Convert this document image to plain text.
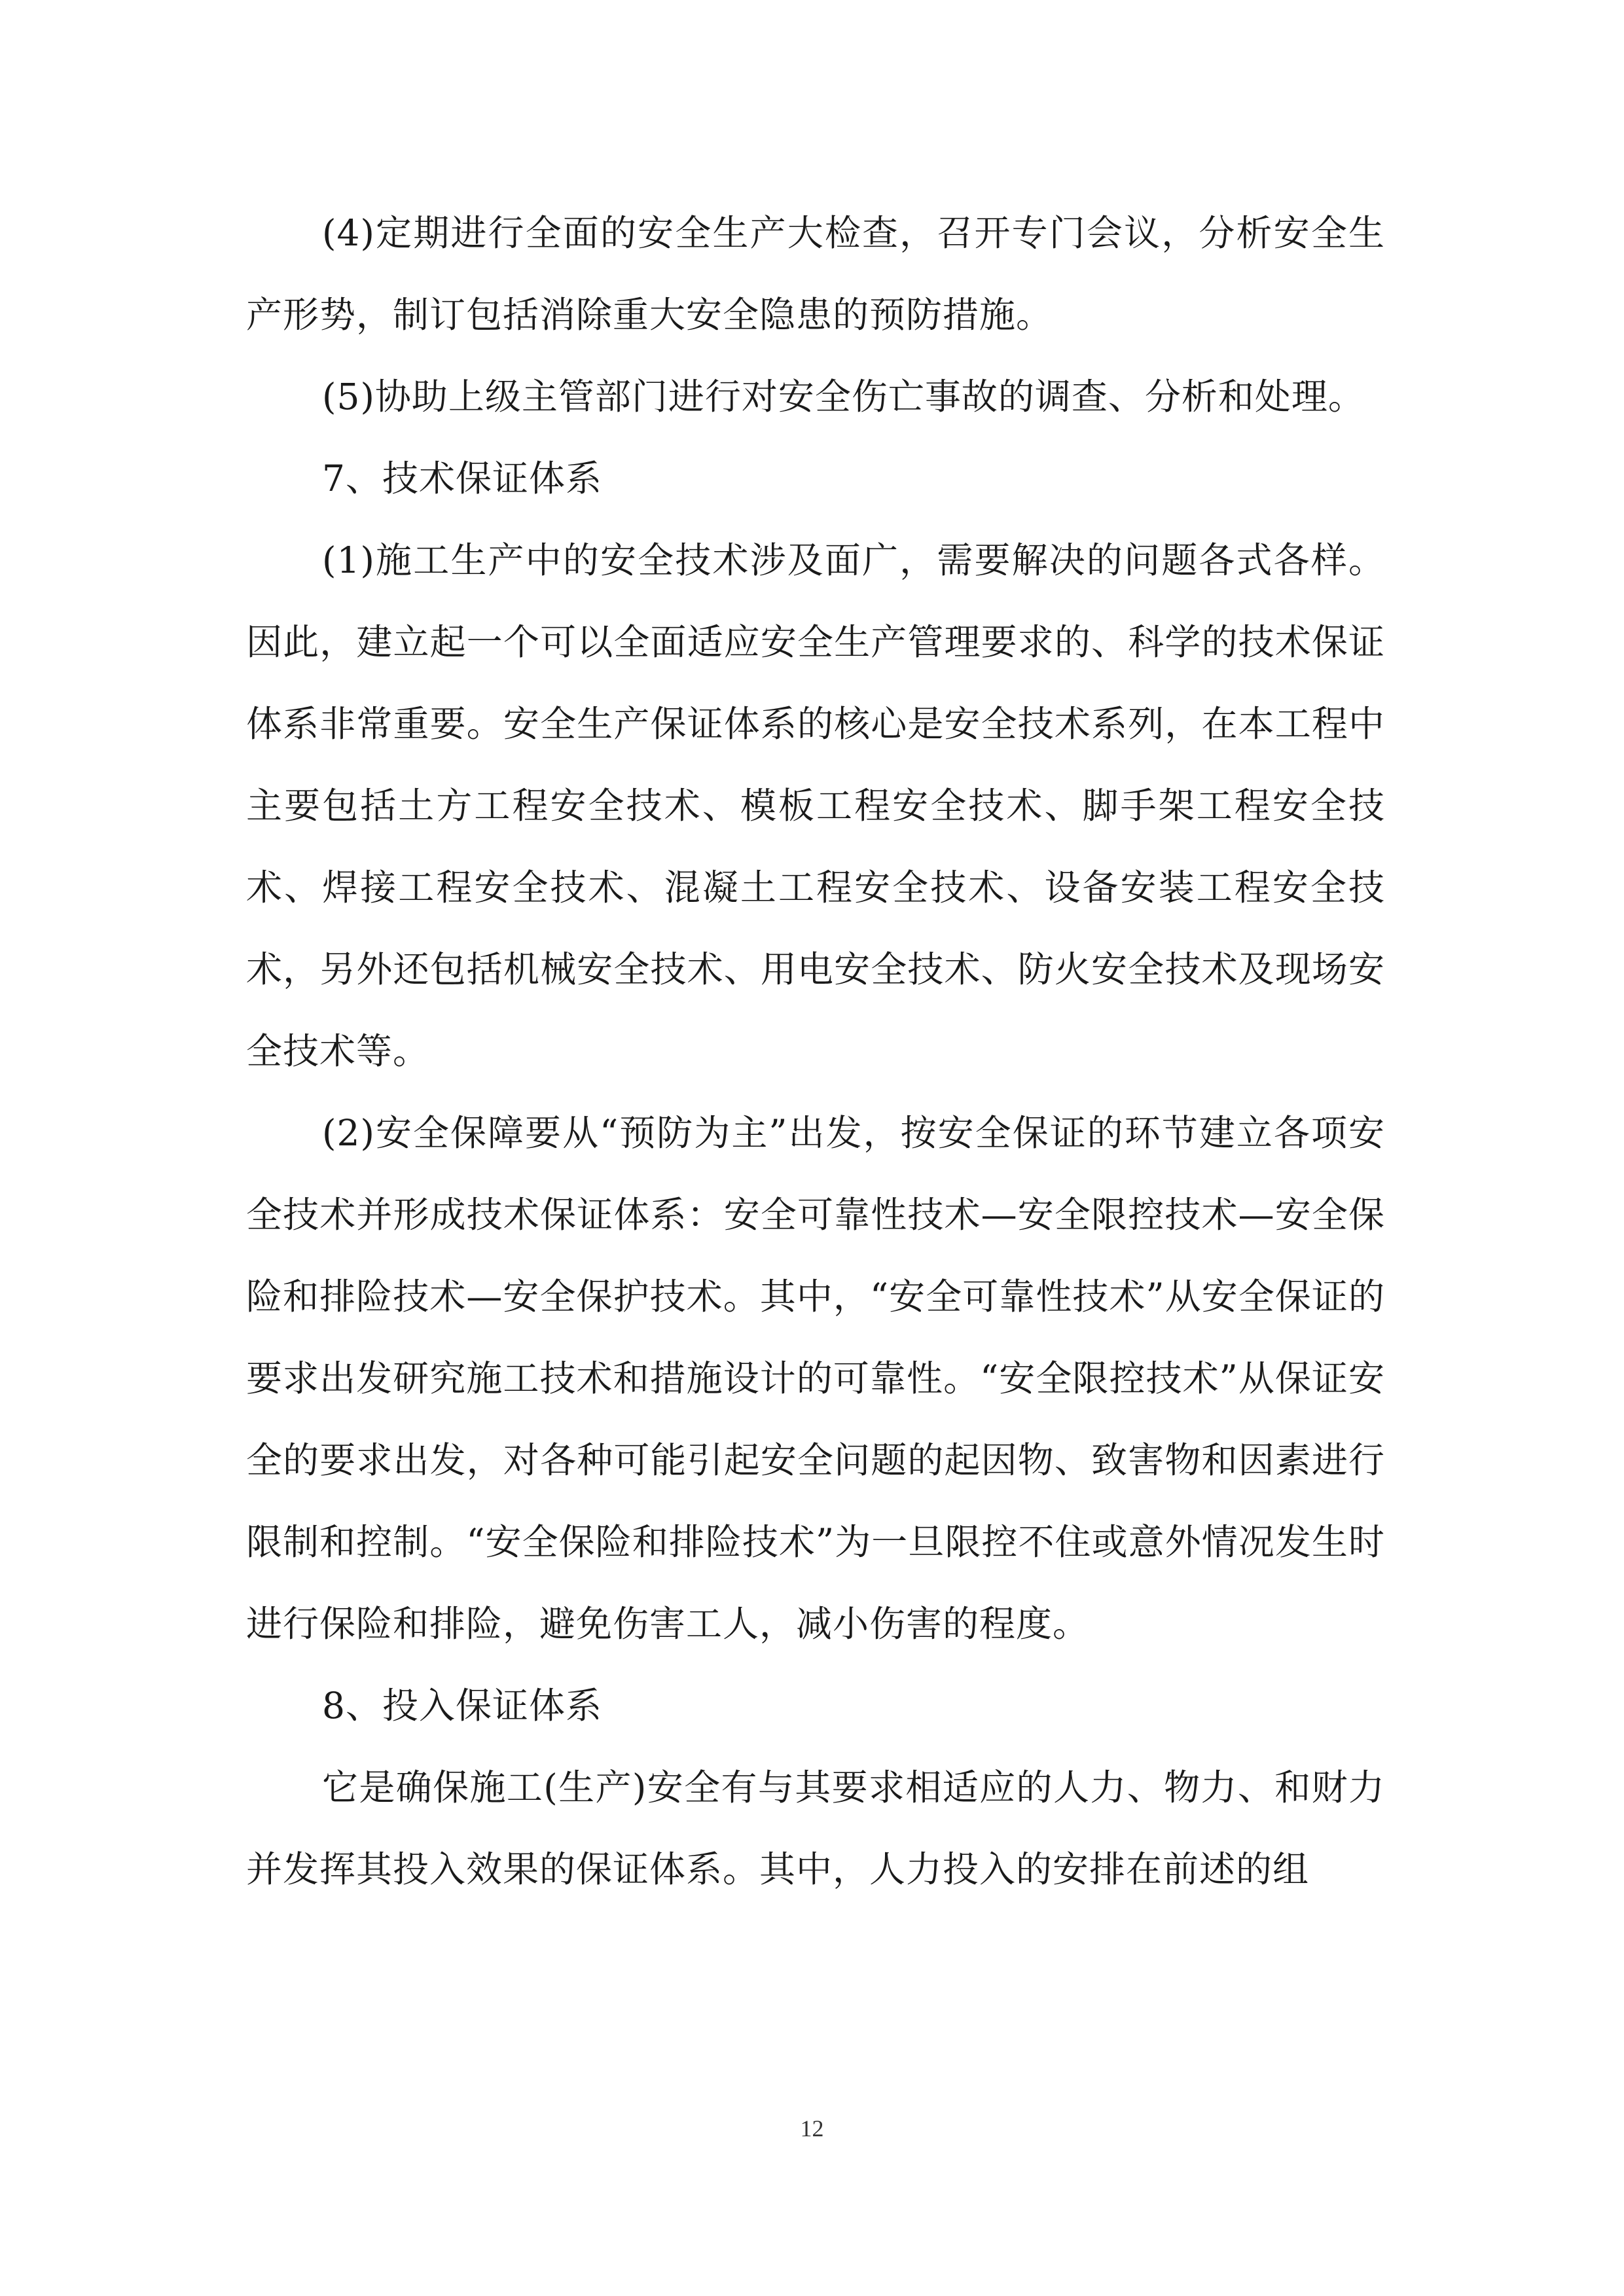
(4)定期进行全面的安全生产大检查，召开专门会议，分析安全生产形势，制订包括消除重大安全隐患的预防措施。

(5)协助上级主管部门进行对安全伤亡事故的调查、分析和处理。

7、技术保证体系

(1)施工生产中的安全技术涉及面广，需要解决的问题各式各样。因此，建立起一个可以全面适应安全生产管理要求的、科学的技术保证体系非常重要。安全生产保证体系的核心是安全技术系列，在本工程中主要包括土方工程安全技术、模板工程安全技术、脚手架工程安全技术、焊接工程安全技术、混凝土工程安全技术、设备安装工程安全技术，另外还包括机械安全技术、用电安全技术、防火安全技术及现场安全技术等。

(2)安全保障要从“预防为主”出发，按安全保证的环节建立各项安全技术并形成技术保证体系：安全可靠性技术—安全限控技术—安全保险和排险技术—安全保护技术。其中，“安全可靠性技术”从安全保证的要求出发研究施工技术和措施设计的可靠性。“安全限控技术”从保证安全的要求出发，对各种可能引起安全问题的起因物、致害物和因素进行限制和控制。“安全保险和排险技术”为一旦限控不住或意外情况发生时进行保险和排险，避免伤害工人，减小伤害的程度。

8、投入保证体系

它是确保施工(生产)安全有与其要求相适应的人力、物力、和财力并发挥其投入效果的保证体系。其中，人力投入的安排在前述的组

12
